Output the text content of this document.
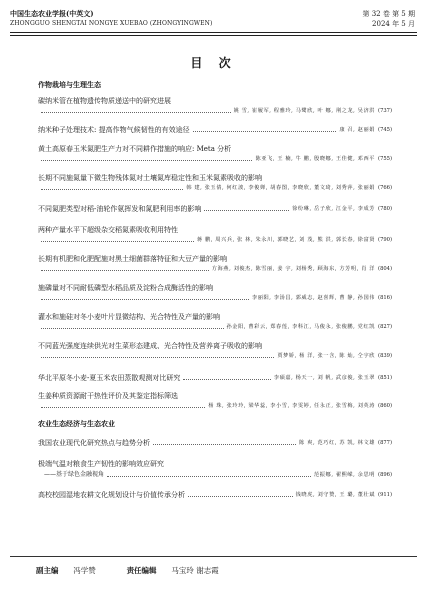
中国生态农业学报(中英文)
ZHONGGUO SHENGTAI NONGYE XUEBAO (ZHONGYINGWEN)
第 32 卷 第 5 期
2024 年 5 月
目 次
作物栽培与生理生态
碳纳米管在植物遗传物质递送中的研究进展
姚 雪, 崔履军, 程雅玲, 马鹭欣, 叶 娜, 荆之龙, 吴济洪 (737)
纳米种子处理技术: 提高作物气候韧性的有效途径	康 召, 赵丽娟 (745)
黄土高原春玉米氮肥生产力对不同耕作措施的响应: Meta 分析
陈亚飞, 王 楠, 牛 鹏, 殷晓娜, 王佳健, 邓西平 (755)
长期不同施氮量下微生物残体氮对土壤氮库稳定性和玉米氮素吸收的影响
韩 建, 张玉倩, 何红波, 李俊婵, 胡春图, 李晓欣, 董文琦, 刘秀萍, 张丽娟 (766)
不同氮肥类型对稻-油轮作氨挥发和氮肥利用率的影响	徐纷琳, 岳子欣, 江金平, 李成芳 (780)
两种产量水平下超级杂交稻氮素吸收利用特性
蒋 鹏, 周兴兵, 张 林, 朱永川, 郭晓艺, 刘 茂, 熊 洪, 郭长春, 徐富贤 (790)
长期有机肥和化肥配施对黑土细菌群落特征和大豆产量的影响
方海燕, 刘俊杰, 陈雪丽, 姜 宇, 刘杨秀, 顾海东, 方芳明, 肖 洋 (804)
施磷量对不同耐低磷型水稻品质及淀粉合成酶活性的影响
李丽阳, 李汤昌, 郭威志, 赵喜辉, 曹 静, 孙国伟 (816)
灌水和施硅对冬小麦叶片显微结构、光合特性及产量的影响
孙金阳, 曹彩云, 郑春莲, 李科江, 马俊永, 张俊鹏, 党红凯 (827)
不同蓝光强度连续供光对生菜形态建成、光合特性及营养离子吸收的影响
贾梦娇, 杨 洋, 张一含, 陈 灿, 仝宇欣 (839)
华北平原冬小麦-夏玉米农田蒸散观测对比研究	李硕嘉, 杨天一, 刘 帆, 武彦俊, 张玉翠 (851)
生姜种质资源耐干热性评价及其鉴定指标筛选
杨 珠, 张玲玲, 梁华蕊, 李小雪, 李雯婷, 任永正, 张雪梅, 刘英涛 (860)
农业生态经济与生态农业
我国农业现代化研究热点与趋势分析	陈 爽, 范巧红, 苏 凯, 林文雄 (877)
极端气温对粮食生产韧性的影响效应研究
——基于绿色金融视角	范振娜, 翟熙嵘, 余思明 (896)
高校校园湿地农耕文化规划设计与价值传承分析	钱晓虎, 刘守赞, 王 璐, 董壮斌 (911)
副主编 冯学赞	责任编辑 马宝玲 谢志霞
